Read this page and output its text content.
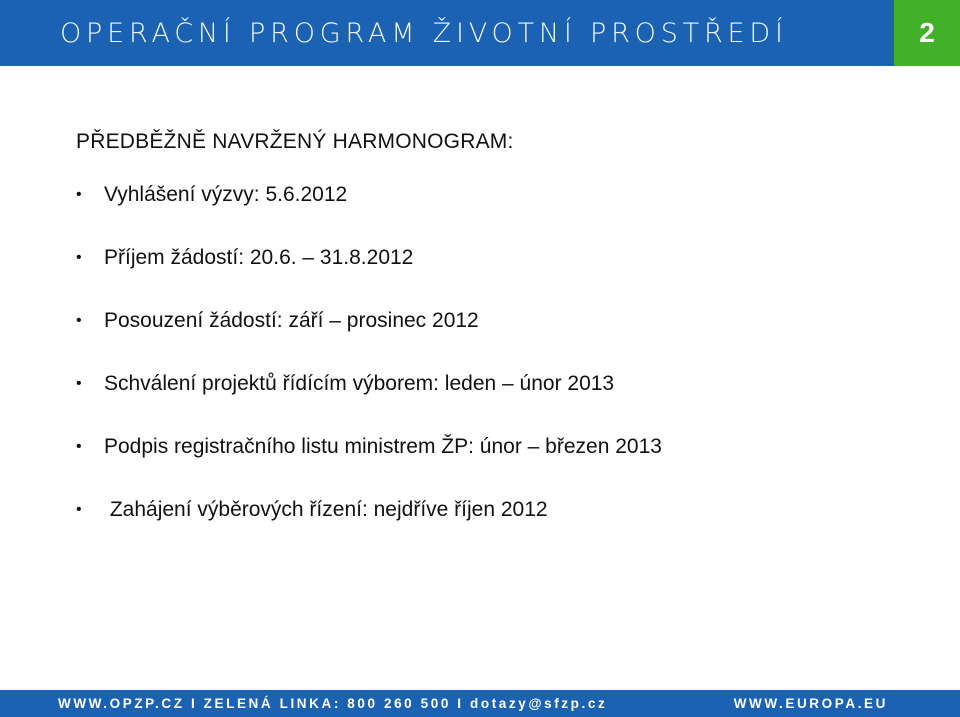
OPERAČNÍ PROGRAM ŽIVOTNÍ PROSTŘEDÍ	2
PŘEDBĚŽNĚ NAVRŽENÝ HARMONOGRAM:
• Vyhlášení výzvy: 5.6.2012
• Příjem žádostí: 20.6. – 31.8.2012
• Posouzení žádostí: září – prosinec 2012
• Schválení projektů řídícím výborem: leden – únor 2013
• Podpis registračního listu ministrem ŽP: únor – březen 2013
• Zahájení výběrových řízení: nejdříve říjen 2012
WWW.OPZP.CZ I ZELENÁ LINKA: 800 260 500 I dotazy@sfzp.cz	WWW.EUROPA.EU
